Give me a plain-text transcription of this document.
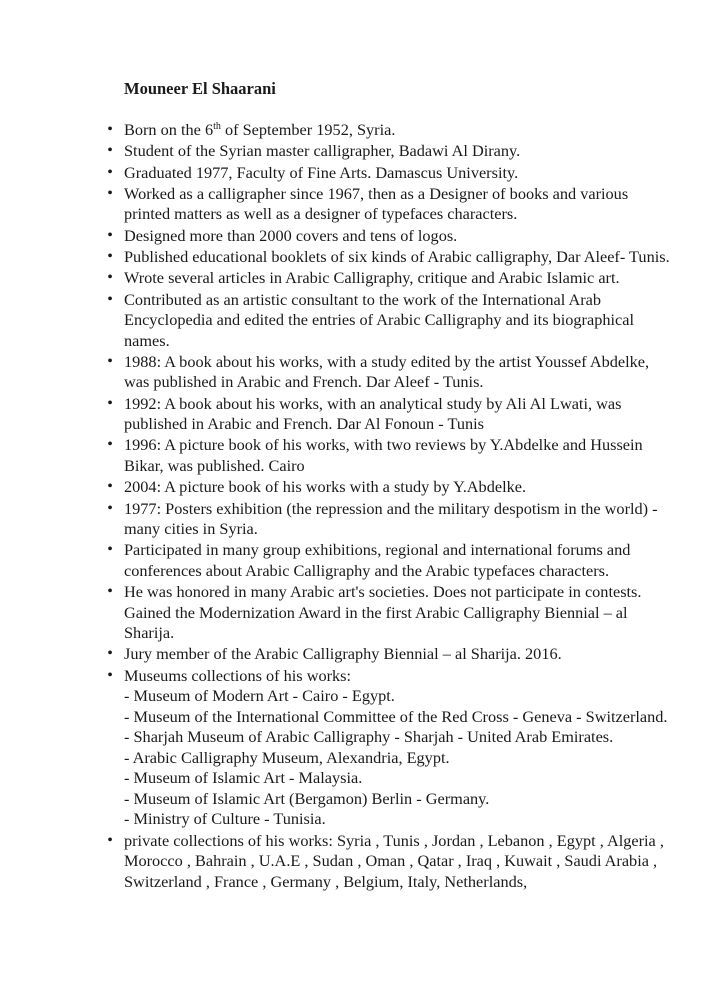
Mouneer El Shaarani
• Born on the 6th of September 1952, Syria.
• Student of the Syrian master calligrapher, Badawi Al Dirany.
• Graduated 1977, Faculty of Fine Arts. Damascus University.
• Worked as a calligrapher since 1967, then as a Designer of books and various printed matters as well as a designer of typefaces characters.
• Designed more than 2000 covers and tens of logos.
• Published educational booklets of six kinds of Arabic calligraphy, Dar Aleef- Tunis.
• Wrote several articles in Arabic Calligraphy, critique and Arabic Islamic art.
• Contributed as an artistic consultant to the work of the International Arab Encyclopedia and edited the entries of Arabic Calligraphy and its biographical names.
• 1988: A book about his works, with a study edited by the artist Youssef Abdelke, was published in Arabic and French. Dar Aleef - Tunis.
• 1992: A book about his works, with an analytical study by Ali Al Lwati, was published in Arabic and French. Dar Al Fonoun - Tunis
• 1996: A picture book of his works, with two reviews by Y.Abdelke and Hussein Bikar, was published. Cairo
• 2004: A picture book of his works with a study by Y.Abdelke.
• 1977: Posters exhibition (the repression and the military despotism in the world) - many cities in Syria.
• Participated in many group exhibitions, regional and international forums and conferences about Arabic Calligraphy and the Arabic typefaces characters.
• He was honored in many Arabic art's societies. Does not participate in contests. Gained the Modernization Award in the first Arabic Calligraphy Biennial – al Sharija.
• Jury member of the Arabic Calligraphy Biennial – al Sharija. 2016.
• Museums collections of his works:
- Museum of Modern Art - Cairo - Egypt.
- Museum of the International Committee of the Red Cross - Geneva - Switzerland.
- Sharjah Museum of Arabic Calligraphy - Sharjah - United Arab Emirates.
- Arabic Calligraphy Museum, Alexandria, Egypt.
- Museum of Islamic Art - Malaysia.
- Museum of Islamic Art (Bergamon) Berlin - Germany.
- Ministry of Culture - Tunisia.
• private collections of his works: Syria , Tunis , Jordan , Lebanon , Egypt , Algeria , Morocco , Bahrain , U.A.E , Sudan , Oman , Qatar , Iraq , Kuwait , Saudi Arabia , Switzerland , France , Germany , Belgium, Italy, Netherlands,
